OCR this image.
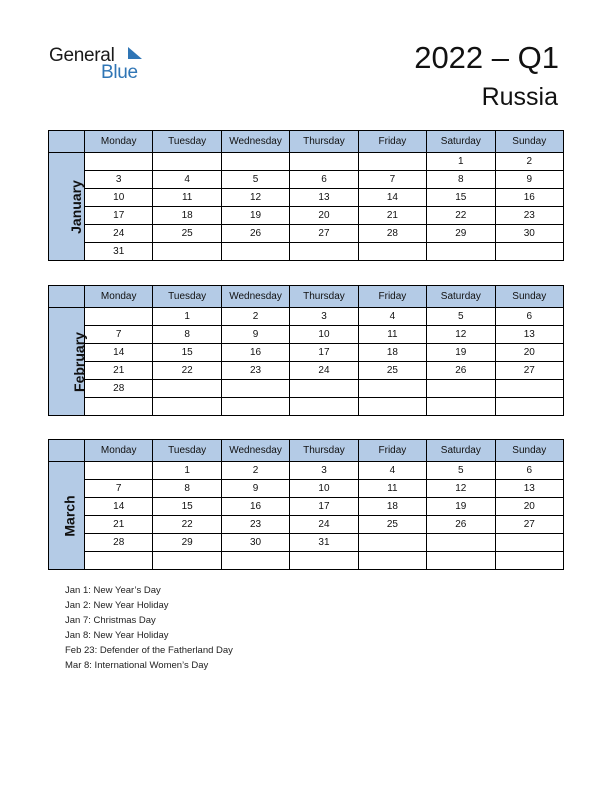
General
Blue	2022 – Q1
Russia
	Monday	Tuesday	Wednesday	Thursday	Friday	Saturday	Sunday
January						1	2
	3	4	5	6	7	8	9
	10	11	12	13	14	15	16
	17	18	19	20	21	22	23
	24	25	26	27	28	29	30
	31						
	Monday	Tuesday	Wednesday	Thursday	Friday	Saturday	Sunday
February		1	2	3	4	5	6
	7	8	9	10	11	12	13
	14	15	16	17	18	19	20
	21	22	23	24	25	26	27
	28						

	Monday	Tuesday	Wednesday	Thursday	Friday	Saturday	Sunday
March		1	2	3	4	5	6
	7	8	9	10	11	12	13
	14	15	16	17	18	19	20
	21	22	23	24	25	26	27
	28	29	30	31			

Jan 1: New Year’s Day
Jan 2: New Year Holiday
Jan 7: Christmas Day
Jan 8: New Year Holiday
Feb 23: Defender of the Fatherland Day
Mar 8: International Women’s Day
